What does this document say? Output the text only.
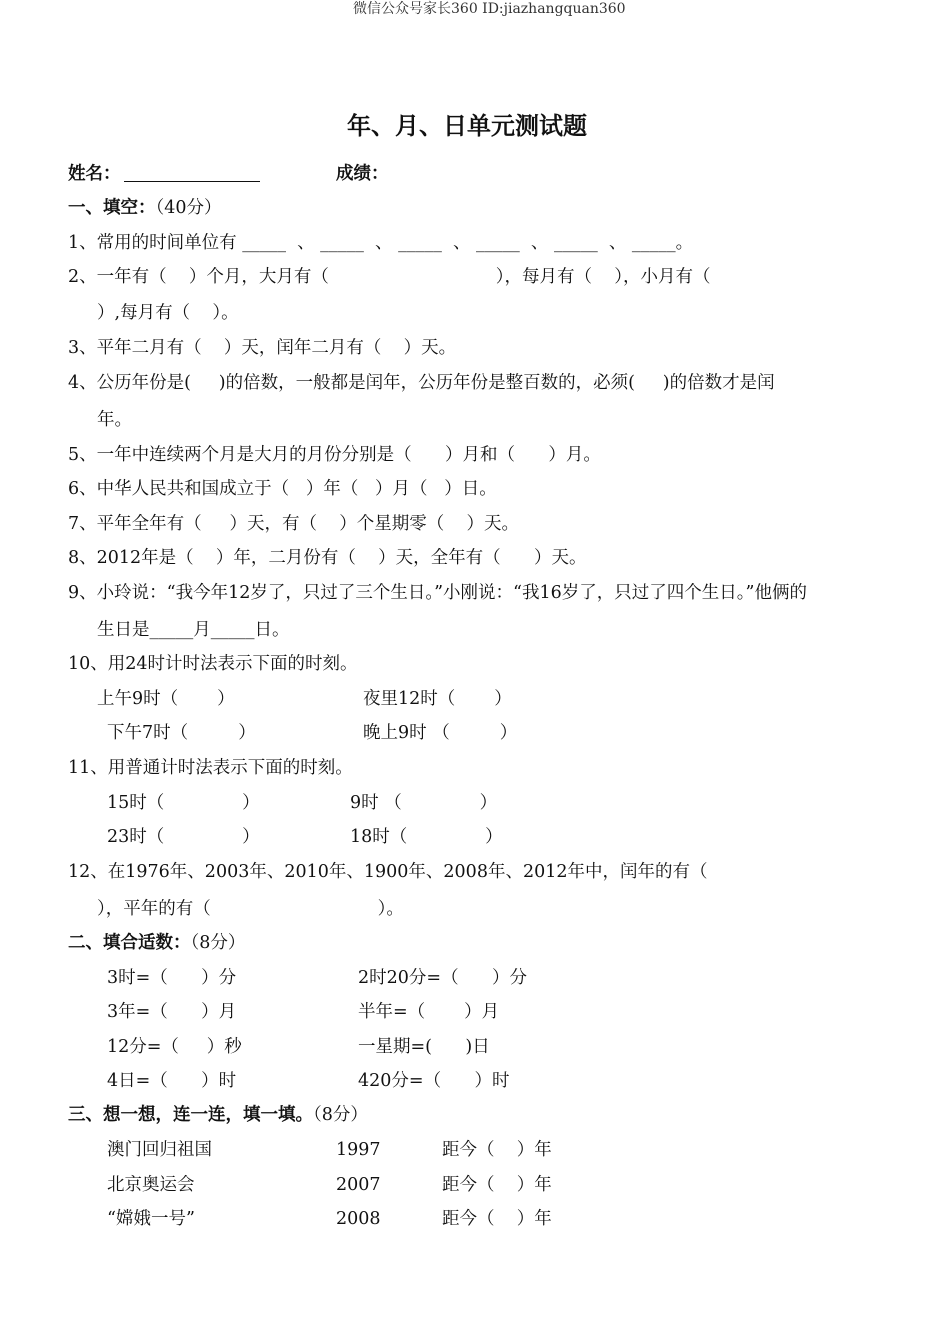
微信公众号家长360 ID:jiazhangquan360
年、月、日单元测试题
姓名：	成绩：
一、填空：（40分）
1、常用的时间单位有 _____  、 _____  、 _____  、 _____  、 _____  、 _____。
2、一年有（    ）个月，大月有（                              ），每月有（    ），小月有（
）,每月有（    ）。
3、平年二月有（    ）天，闰年二月有（    ）天。
4、公历年份是(     )的倍数，一般都是闰年，公历年份是整百数的，必须(     )的倍数才是闰
年。
5、一年中连续两个月是大月的月份分别是（      ）月和（      ）月。
6、中华人民共和国成立于（   ）年（   ）月（   ）日。
7、平年全年有（     ）天，有（    ）个星期零（    ）天。
8、2012年是（    ）年，二月份有（    ）天，全年有（      ）天。
9、小玲说：“我今年12岁了，只过了三个生日。”小刚说：“我16岁了，只过了四个生日。”他俩的
生日是_____月_____日。
10、用24时计时法表示下面的时刻。
上午9时（       ）	夜里12时（       ）
下午7时（         ）	晚上9时 （         ）
11、用普通计时法表示下面的时刻。
15时（              ）	9时 （              ）
23时（              ）	18时（              ）
12、在1976年、2003年、2010年、1900年、2008年、2012年中，闰年的有（
），平年的有（                              ）。
二、填合适数：（8分）
3时=（      ）分	2时20分=（      ）分
3年=（      ）月	半年=（       ）月
12分=（     ）秒	一星期=(      )日
4日=（      ）时	420分=（      ）时
三、想一想，连一连，填一填。（8分）
澳门回归祖国	1997	距今（    ）年
北京奥运会	2007	距今（    ）年
“嫦娥一号”	2008	距今（    ）年
